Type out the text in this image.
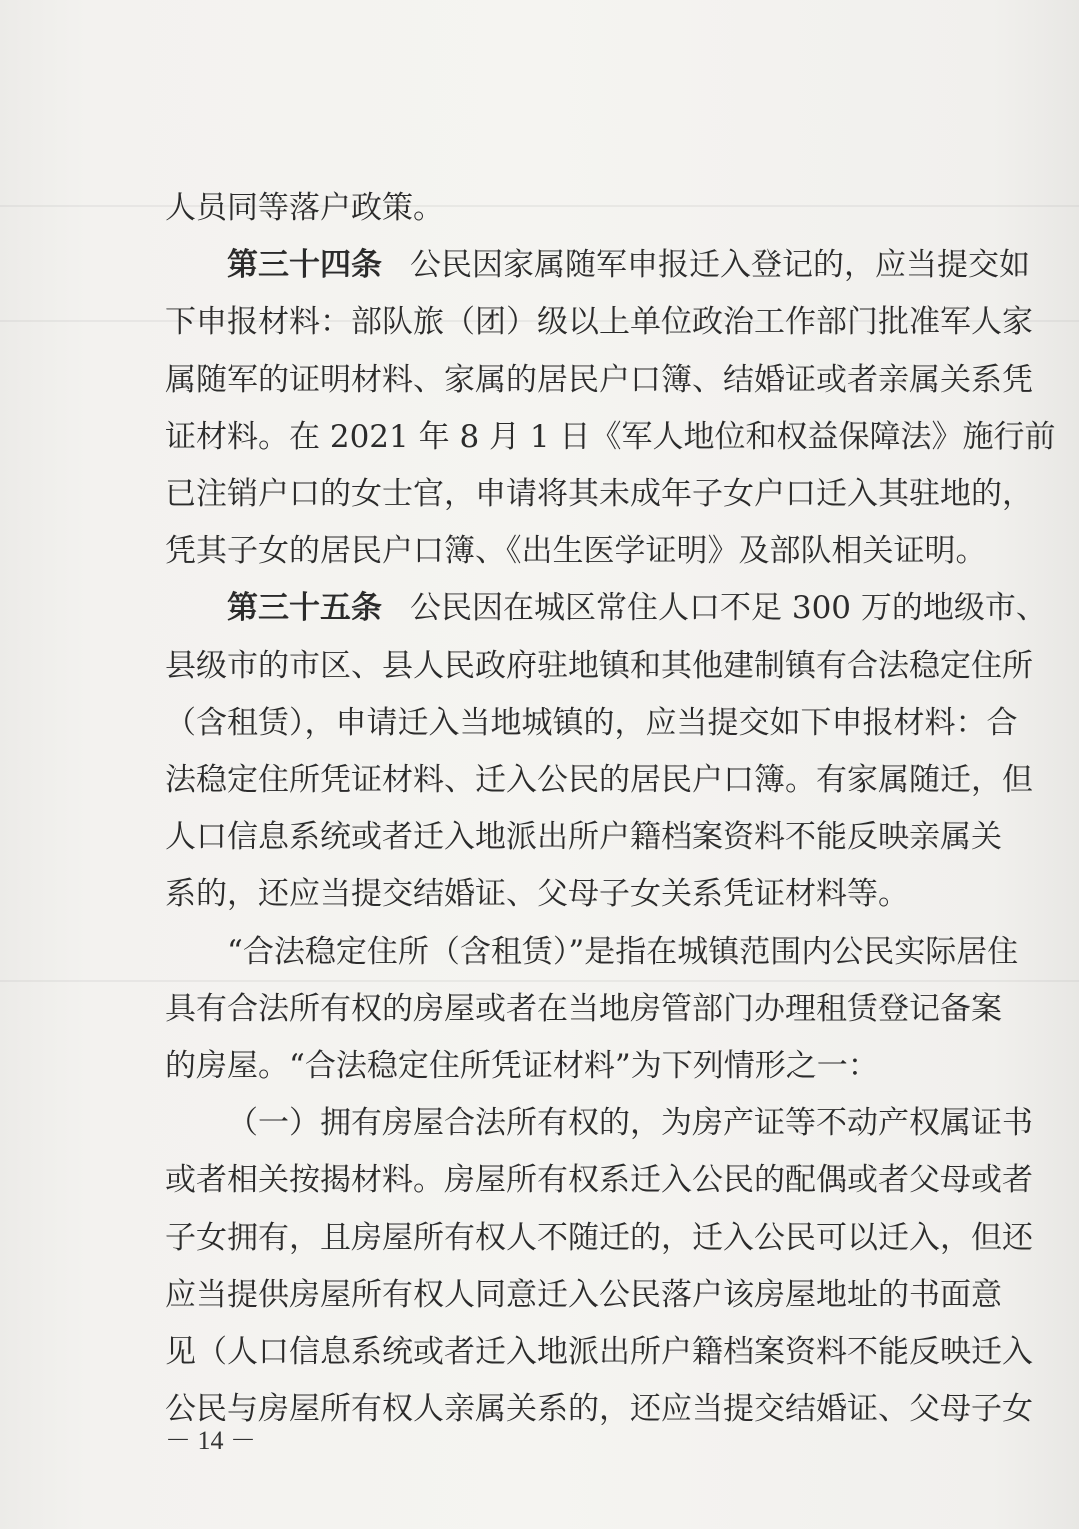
人员同等落户政策。
第三十四条 公民因家属随军申报迁入登记的，应当提交如
下申报材料：部队旅（团）级以上单位政治工作部门批准军人家
属随军的证明材料、家属的居民户口簿、结婚证或者亲属关系凭
证材料。在 2021 年 8 月 1 日《军人地位和权益保障法》施行前
已注销户口的女士官，申请将其未成年子女户口迁入其驻地的，
凭其子女的居民户口簿、《出生医学证明》及部队相关证明。
第三十五条 公民因在城区常住人口不足 300 万的地级市、
县级市的市区、县人民政府驻地镇和其他建制镇有合法稳定住所
（含租赁），申请迁入当地城镇的，应当提交如下申报材料：合
法稳定住所凭证材料、迁入公民的居民户口簿。有家属随迁，但
人口信息系统或者迁入地派出所户籍档案资料不能反映亲属关
系的，还应当提交结婚证、父母子女关系凭证材料等。
“合法稳定住所（含租赁）”是指在城镇范围内公民实际居住
具有合法所有权的房屋或者在当地房管部门办理租赁登记备案
的房屋。“合法稳定住所凭证材料”为下列情形之一：
（一）拥有房屋合法所有权的，为房产证等不动产权属证书
或者相关按揭材料。房屋所有权系迁入公民的配偶或者父母或者
子女拥有，且房屋所有权人不随迁的，迁入公民可以迁入，但还
应当提供房屋所有权人同意迁入公民落户该房屋地址的书面意
见（人口信息系统或者迁入地派出所户籍档案资料不能反映迁入
公民与房屋所有权人亲属关系的，还应当提交结婚证、父母子女
－ 14 －
